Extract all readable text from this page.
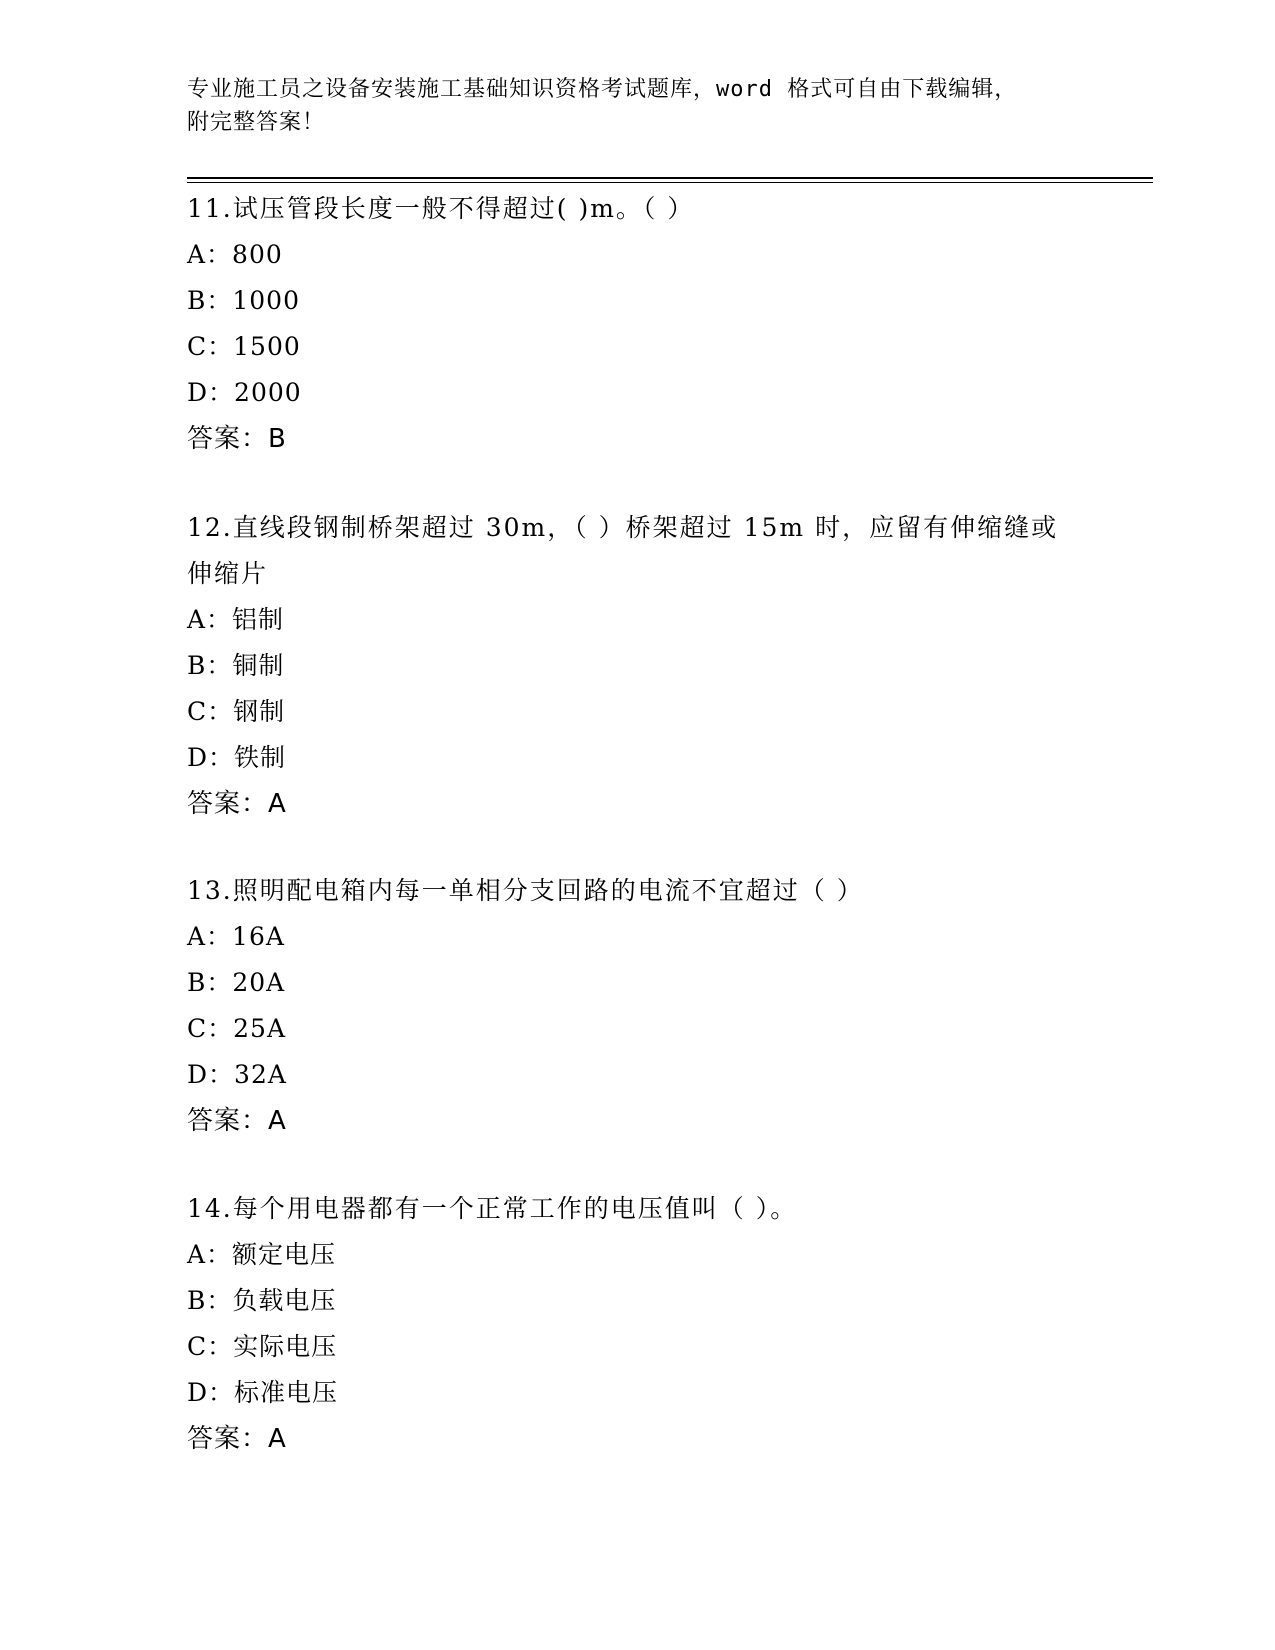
专业施工员之设备安装施工基础知识资格考试题库，word 格式可自由下载编辑，
附完整答案！

11.试压管段长度一般不得超过( )m。（ ）

A：800

B：1000

C：1500

D：2000

答案：B

12.直线段钢制桥架超过 30m，（ ）桥架超过 15m 时，应留有伸缩缝或伸缩片

A：铝制

B：铜制

C：钢制

D：铁制

答案：A

13.照明配电箱内每一单相分支回路的电流不宜超过（ ）

A：16A

B：20A

C：25A

D：32A

答案：A

14.每个用电器都有一个正常工作的电压值叫（ ）。

A：额定电压

B：负载电压

C：实际电压

D：标准电压

答案：A
